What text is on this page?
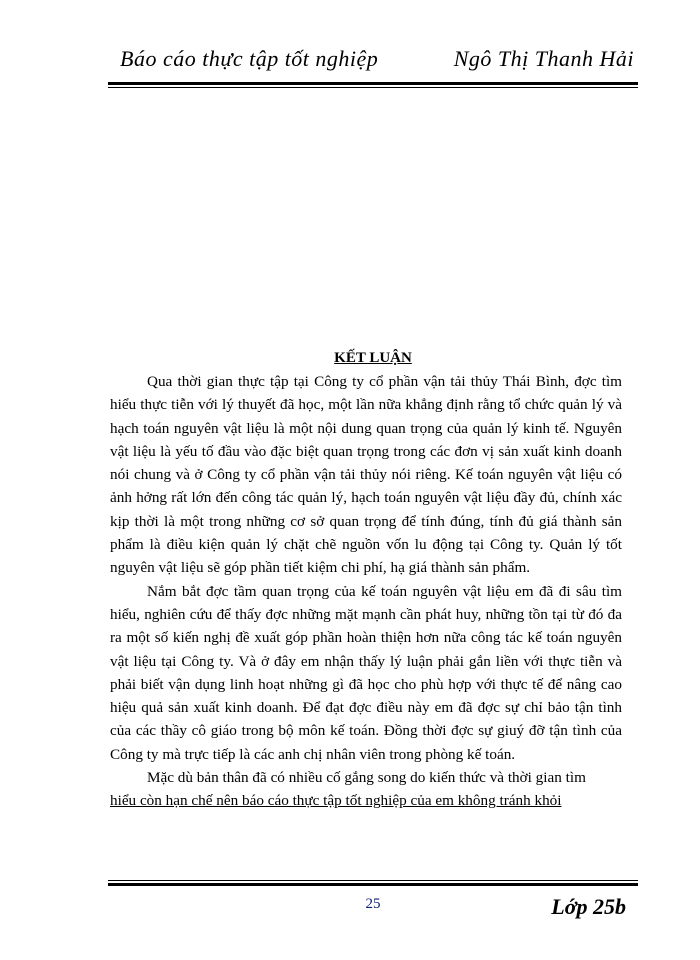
Báo cáo thực tập tốt nghiệp	Ngô Thị Thanh Hải
KẾT LUẬN

Qua thời gian thực tập tại Công ty cổ phần vận tải thủy Thái Bình, đợc tìm hiểu thực tiễn với lý thuyết đã học, một lần nữa khẳng định rằng tổ chức quản lý và hạch toán nguyên vật liệu là một nội dung quan trọng của quản lý kinh tế. Nguyên vật liệu là yếu tố đầu vào đặc biệt quan trọng trong các đơn vị sản xuất kinh doanh nói chung và ở Công ty cổ phần vận tải thủy nói riêng. Kế toán nguyên vật liệu có ảnh hởng rất lớn đến công tác quản lý, hạch toán nguyên vật liệu đầy đủ, chính xác kịp thời là một trong những cơ sở quan trọng để tính đúng, tính đủ giá thành sản phẩm là điều kiện quản lý chặt chẽ nguồn vốn lu động tại Công ty. Quản lý tốt nguyên vật liệu sẽ góp phần tiết kiệm chi phí, hạ giá thành sản phẩm.

Nắm bắt đợc tầm quan trọng của kế toán nguyên vật liệu em đã đi sâu tìm hiểu, nghiên cứu để thấy đợc những mặt mạnh cần phát huy, những tồn tại từ đó đa ra một số kiến nghị đề xuất góp phần hoàn thiện hơn nữa công tác kế toán nguyên vật liệu tại Công ty. Và ở đây em nhận thấy lý luận phải gắn liền với thực tiễn và phải biết vận dụng linh hoạt những gì đã học cho phù hợp với thực tế để nâng cao hiệu quả sản xuất kinh doanh. Để đạt đợc điều này em đã đợc sự chỉ bảo tận tình của các thầy cô giáo trong bộ môn kế toán. Đồng thời đợc sự giuý đỡ tận tình của Công ty mà trực tiếp là các anh chị nhân viên trong phòng kế toán.

Mặc dù bản thân đã có nhiều cố gắng song do kiến thức và thời gian tìm

hiểu còn hạn chế nên báo cáo thực tập tốt nghiệp của em không tránh khỏi
25	Lớp 25b
